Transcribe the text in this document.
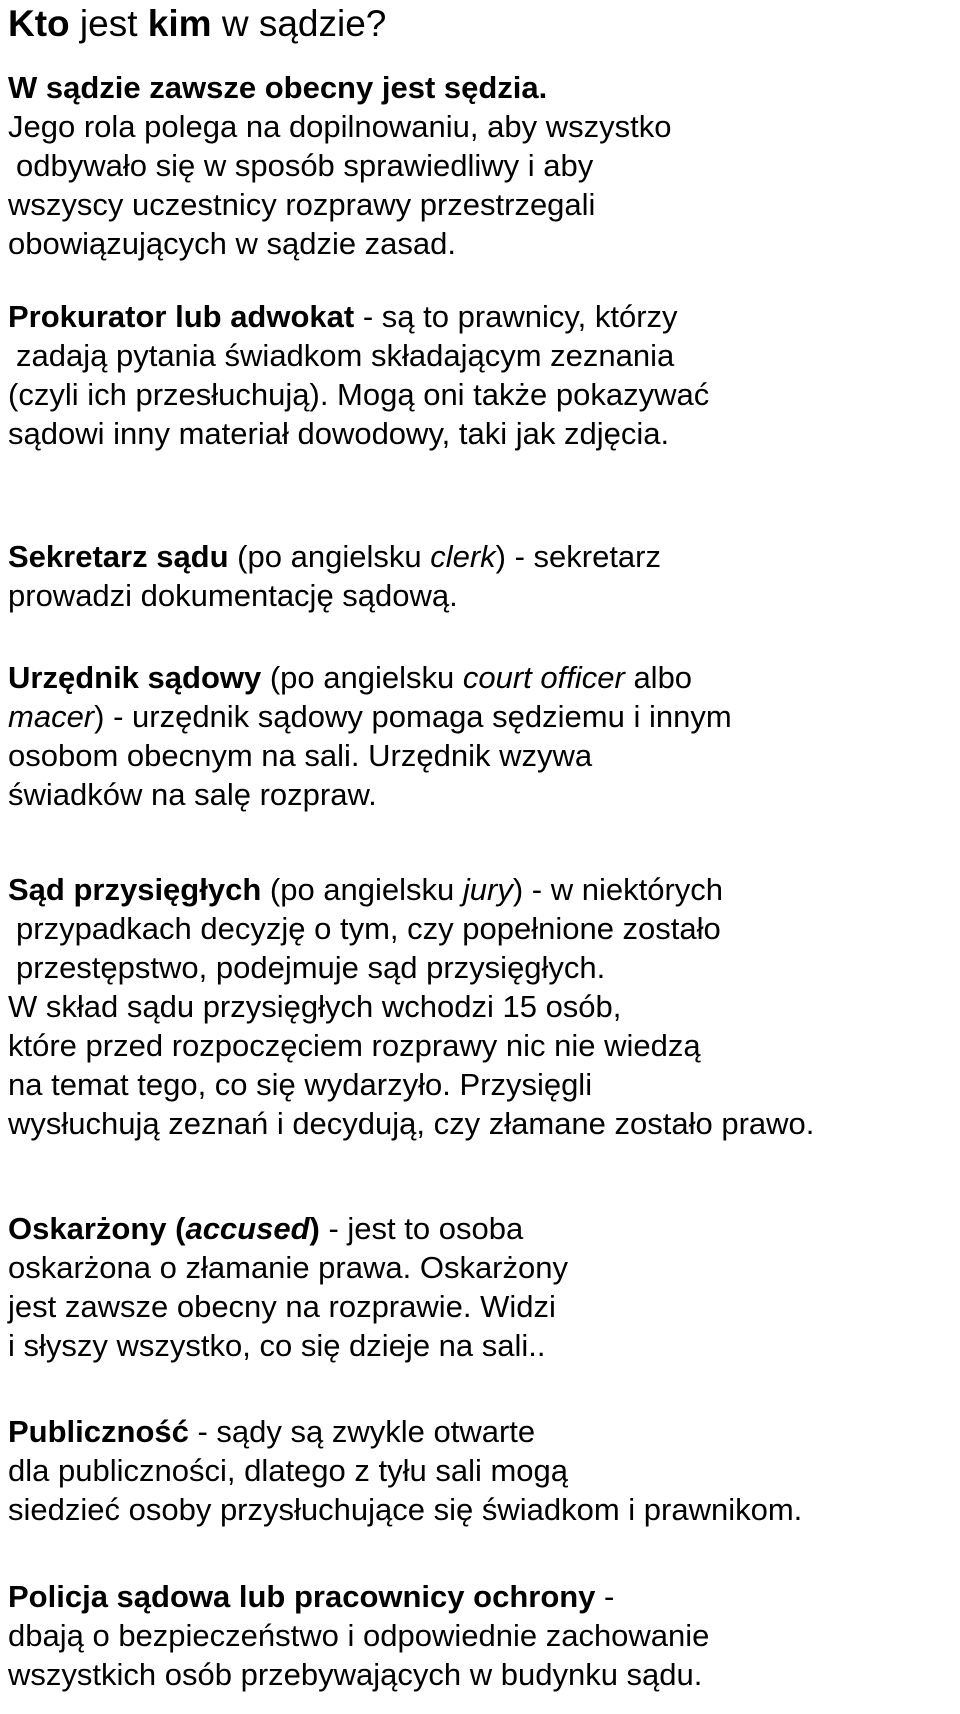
Kto jest kim w sądzie?
W sądzie zawsze obecny jest sędzia.
Jego rola polega na dopilnowaniu, aby wszystko
odbywało się w sposób sprawiedliwy i aby
wszyscy uczestnicy rozprawy przestrzegali
obowiązujących w sądzie zasad.
Prokurator lub adwokat - są to prawnicy, którzy
zadają pytania świadkom składającym zeznania
(czyli ich przesłuchują). Mogą oni także pokazywać
sądowi inny materiał dowodowy, taki jak zdjęcia.
Sekretarz sądu (po angielsku clerk) - sekretarz
prowadzi dokumentację sądową.
Urzędnik sądowy (po angielsku court officer albo
macer) - urzędnik sądowy pomaga sędziemu i innym
osobom obecnym na sali. Urzędnik wzywa
świadków na salę rozpraw.
Sąd przysięgłych (po angielsku jury) - w niektórych
przypadkach decyzję o tym, czy popełnione zostało
przestępstwo, podejmuje sąd przysięgłych.
W skład sądu przysięgłych wchodzi 15 osób,
które przed rozpoczęciem rozprawy nic nie wiedzą
na temat tego, co się wydarzyło. Przysięgli
wysłuchują zeznań i decydują, czy złamane zostało prawo.
Oskarżony (accused) - jest to osoba
oskarżona o złamanie prawa. Oskarżony
jest zawsze obecny na rozprawie. Widzi
i słyszy wszystko, co się dzieje na sali..
Publiczność - sądy są zwykle otwarte
dla publiczności, dlatego z tyłu sali mogą
siedzieć osoby przysłuchujące się świadkom i prawnikom.
Policja sądowa lub pracownicy ochrony -
dbają o bezpieczeństwo i odpowiednie zachowanie
wszystkich osób przebywających w budynku sądu.
